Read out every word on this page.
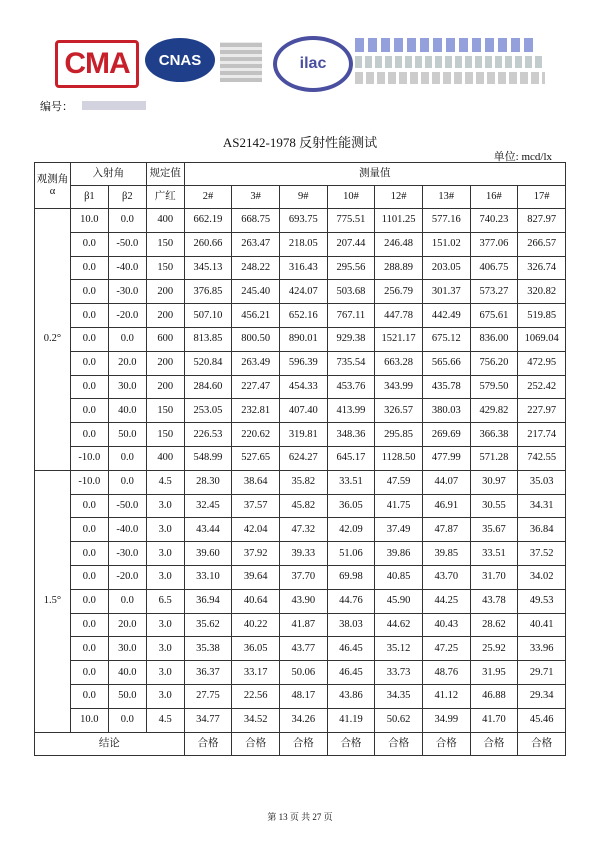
CMA CNAS	ilac
编号：
AS2142-1978 反射性能测试
单位: mcd/lx
观测角α	入射角		规定值	测量值							
	β1	β2	广红	2#	3#	9#	10#	12#	13#	16#	17#
0.2°	10.0	0.0	400	662.19	668.75	693.75	775.51	1101.25	577.16	740.23	827.97
	0.0	-50.0	150	260.66	263.47	218.05	207.44	246.48	151.02	377.06	266.57
	0.0	-40.0	150	345.13	248.22	316.43	295.56	288.89	203.05	406.75	326.74
	0.0	-30.0	200	376.85	245.40	424.07	503.68	256.79	301.37	573.27	320.82
	0.0	-20.0	200	507.10	456.21	652.16	767.11	447.78	442.49	675.61	519.85
	0.0	0.0	600	813.85	800.50	890.01	929.38	1521.17	675.12	836.00	1069.04
	0.0	20.0	200	520.84	263.49	596.39	735.54	663.28	565.66	756.20	472.95
	0.0	30.0	200	284.60	227.47	454.33	453.76	343.99	435.78	579.50	252.42
	0.0	40.0	150	253.05	232.81	407.40	413.99	326.57	380.03	429.82	227.97
	0.0	50.0	150	226.53	220.62	319.81	348.36	295.85	269.69	366.38	217.74
	-10.0	0.0	400	548.99	527.65	624.27	645.17	1128.50	477.99	571.28	742.55
1.5°	-10.0	0.0	4.5	28.30	38.64	35.82	33.51	47.59	44.07	30.97	35.03
	0.0	-50.0	3.0	32.45	37.57	45.82	36.05	41.75	46.91	30.55	34.31
	0.0	-40.0	3.0	43.44	42.04	47.32	42.09	37.49	47.87	35.67	36.84
	0.0	-30.0	3.0	39.60	37.92	39.33	51.06	39.86	39.85	33.51	37.52
	0.0	-20.0	3.0	33.10	39.64	37.70	69.98	40.85	43.70	31.70	34.02
	0.0	0.0	6.5	36.94	40.64	43.90	44.76	45.90	44.25	43.78	49.53
	0.0	20.0	3.0	35.62	40.22	41.87	38.03	44.62	40.43	28.62	40.41
	0.0	30.0	3.0	35.38	36.05	43.77	46.45	35.12	47.25	25.92	33.96
	0.0	40.0	3.0	36.37	33.17	50.06	46.45	33.73	48.76	31.95	29.71
	0.0	50.0	3.0	27.75	22.56	48.17	43.86	34.35	41.12	46.88	29.34
	10.0	0.0	4.5	34.77	34.52	34.26	41.19	50.62	34.99	41.70	45.46
结论				合格	合格	合格	合格	合格	合格	合格	合格
第 13 页 共 27 页
